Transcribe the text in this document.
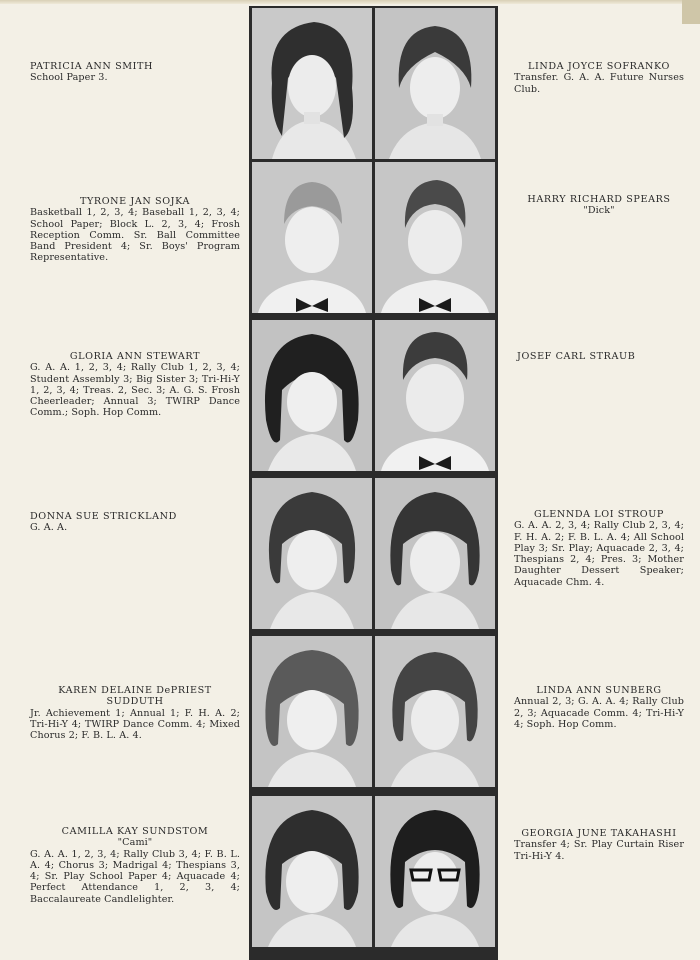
PATRICIA ANN SMITH
School Paper 3.
TYRONE JAN SOJKA
Basketball 1, 2, 3, 4; Baseball 1, 2, 3, 4; School Paper; Block L. 2, 3, 4; Frosh Reception Comm. Sr. Ball Committee Band President 4; Sr. Boys' Program Representative.
GLORIA ANN STEWART
G. A. A. 1, 2, 3, 4; Rally Club 1, 2, 3, 4; Student Assembly 3; Big Sister 3; Tri-Hi-Y 1, 2, 3, 4; Treas. 2, Sec. 3; A. G. S. Frosh Cheerleader; Annual 3; TWIRP Dance Comm.; Soph. Hop Comm.
DONNA SUE STRICKLAND
G. A. A.
KAREN DELAINE DePRIEST SUDDUTH
Jr. Achievement 1; Annual 1; F. H. A. 2; Tri-Hi-Y 4; TWIRP Dance Comm. 4; Mixed Chorus 2; F. B. L. A. 4.
CAMILLA KAY SUNDSTOM
"Cami"
G. A. A. 1, 2, 3, 4; Rally Club 3, 4; F. B. L. A. 4; Chorus 3; Madrigal 4; Thespians 3, 4; Sr. Play School Paper 4; Aquacade 4; Perfect Attendance 1, 2, 3, 4; Baccalaureate Candlelighter.
LINDA JOYCE SOFRANKO
Transfer. G. A. A. Future Nurses Club.
HARRY RICHARD SPEARS
"Dick"
JOSEF CARL STRAUB
GLENNDA LOI STROUP
G. A. A. 2, 3, 4; Rally Club 2, 3, 4; F. H. A. 2; F. B. L. A. 4; All School Play 3; Sr. Play; Aquacade 2, 3, 4; Thespians 2, 4; Pres. 3; Mother Daughter Dessert Speaker; Aquacade Chm. 4.
LINDA ANN SUNBERG
Annual 2, 3; G. A. A. 4; Rally Club 2, 3; Aquacade Comm. 4; Tri-Hi-Y 4; Soph. Hop Comm.
GEORGIA JUNE TAKAHASHI
Transfer 4; Sr. Play Curtain Riser Tri-Hi-Y 4.
